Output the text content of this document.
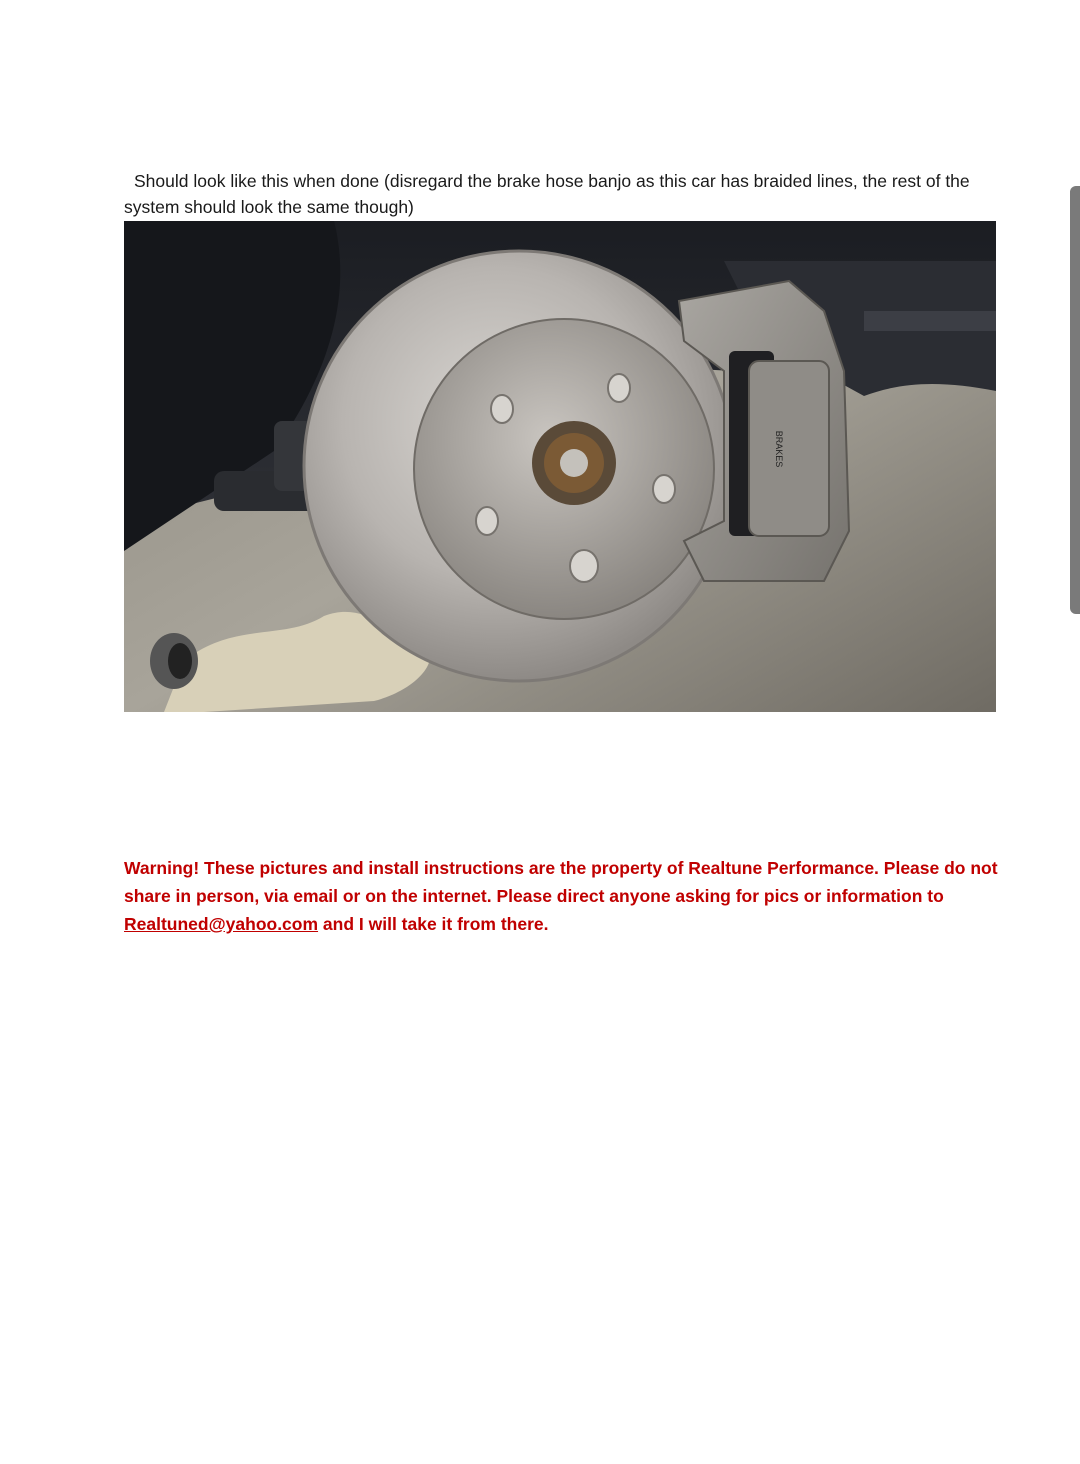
Should look like this when done (disregard the brake hose banjo as this car has braided lines, the rest of the system should look the same though)

BRAKES

Warning! These pictures and install instructions are the property of Realtune Performance. Please do not share in person, via email or on the internet. Please direct anyone asking for pics or information to Realtuned@yahoo.com and I will take it from there.
